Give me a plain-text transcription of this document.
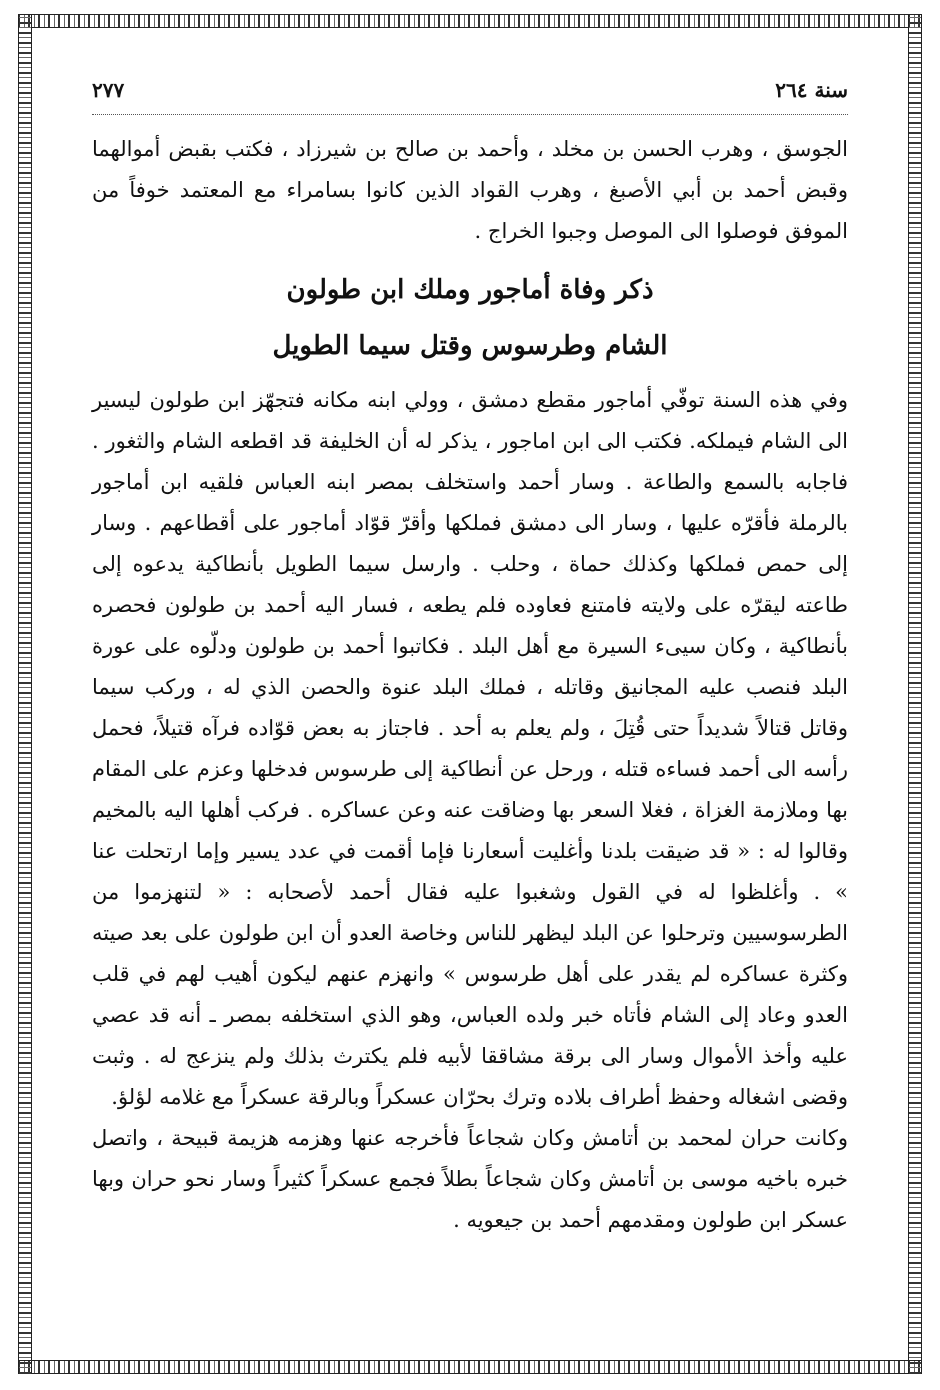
سنة ٢٦٤
٢٧٧

الجوسق ، وهرب الحسن بن مخلد ، وأحمد بن صالح بن شيرزاد ، فكتب بقبض أموالهما وقبض أحمد بن أبي الأصبغ ، وهرب القواد الذين كانوا بسامراء مع المعتمد خوفاً من الموفق فوصلوا الى الموصل وجبوا الخراج .

ذكر وفاة أماجور وملك ابن طولون

الشام وطرسوس وقتل سيما الطويل

وفي هذه السنة توفّي أماجور مقطع دمشق ، وولي ابنه مكانه فتجهّز ابن طولون ليسير الى الشام فيملكه. فكتب الى ابن اماجور ، يذكر له أن الخليفة قد اقطعه الشام والثغور . فاجابه بالسمع والطاعة . وسار أحمد واستخلف بمصر ابنه العباس فلقيه ابن أماجور بالرملة فأقرّه عليها ، وسار الى دمشق فملكها وأقرّ قوّاد أماجور على أقطاعهم . وسار إلى حمص فملكها وكذلك حماة ، وحلب . وارسل سيما الطويل بأنطاكية يدعوه إلى طاعته ليقرّه على ولايته فامتنع فعاوده فلم يطعه ، فسار اليه أحمد بن طولون فحصره بأنطاكية ، وكان سيىء السيرة مع أهل البلد . فكاتبوا أحمد بن طولون ودلّوه على عورة البلد فنصب عليه المجانيق وقاتله ، فملك البلد عنوة والحصن الذي له ، وركب سيما وقاتل قتالاً شديداً حتى قُتِلَ ، ولم يعلم به أحد . فاجتاز به بعض قوّاده فرآه قتيلاً، فحمل رأسه الى أحمد فساءه قتله ، ورحل عن أنطاكية إلى طرسوس فدخلها وعزم على المقام بها وملازمة الغزاة ، فغلا السعر بها وضاقت عنه وعن عساكره . فركب أهلها اليه بالمخيم وقالوا له : « قد ضيقت بلدنا وأغليت أسعارنا فإما أقمت في عدد يسير وإما ارتحلت عنا » . وأغلظوا له في القول وشغبوا عليه فقال أحمد لأصحابه : « لتنهزموا من الطرسوسيين وترحلوا عن البلد ليظهر للناس وخاصة العدو أن ابن طولون على بعد صيته وكثرة عساكره لم يقدر على أهل طرسوس » وانهزم عنهم ليكون أهيب لهم في قلب العدو وعاد إلى الشام فأتاه خبر ولده العباس، وهو الذي استخلفه بمصر ـ أنه قد عصي عليه وأخذ الأموال وسار الى برقة مشاققا لأبيه فلم يكترث بذلك ولم ينزعج له . وثبت وقضى اشغاله وحفظ أطراف بلاده وترك بحرّان عسكراً وبالرقة عسكراً مع غلامه لؤلؤ.

وكانت حران لمحمد بن أتامش وكان شجاعاً فأخرجه عنها وهزمه هزيمة قبيحة ، واتصل خبره باخيه موسى بن أتامش وكان شجاعاً بطلاً فجمع عسكراً كثيراً وسار نحو حران وبها عسكر ابن طولون ومقدمهم أحمد بن جيعويه .
